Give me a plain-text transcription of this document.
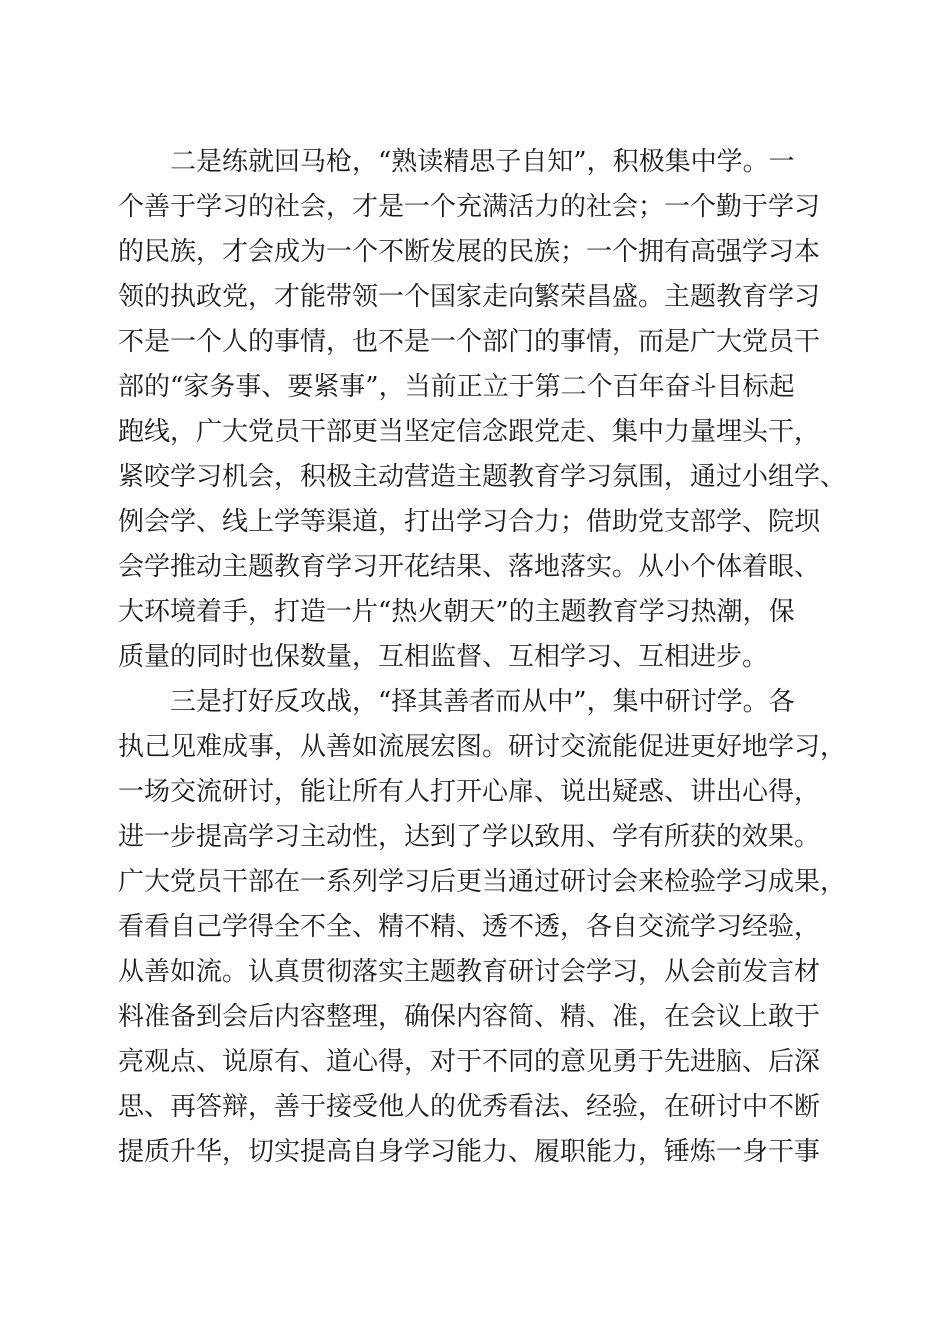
二是练就回马枪，“熟读精思子自知”，积极集中学。一
个善于学习的社会，才是一个充满活力的社会；一个勤于学习
的民族，才会成为一个不断发展的民族；一个拥有高强学习本
领的执政党，才能带领一个国家走向繁荣昌盛。主题教育学习
不是一个人的事情，也不是一个部门的事情，而是广大党员干
部的“家务事、要紧事”，当前正立于第二个百年奋斗目标起
跑线，广大党员干部更当坚定信念跟党走、集中力量埋头干，
紧咬学习机会，积极主动营造主题教育学习氛围，通过小组学、
例会学、线上学等渠道，打出学习合力；借助党支部学、院坝
会学推动主题教育学习开花结果、落地落实。从小个体着眼、
大环境着手，打造一片“热火朝天”的主题教育学习热潮，保
质量的同时也保数量，互相监督、互相学习、互相进步。
三是打好反攻战，“择其善者而从中”，集中研讨学。各
执己见难成事，从善如流展宏图。研讨交流能促进更好地学习，
一场交流研讨，能让所有人打开心扉、说出疑惑、讲出心得，
进一步提高学习主动性，达到了学以致用、学有所获的效果。
广大党员干部在一系列学习后更当通过研讨会来检验学习成果，
看看自己学得全不全、精不精、透不透，各自交流学习经验，
从善如流。认真贯彻落实主题教育研讨会学习，从会前发言材
料准备到会后内容整理，确保内容简、精、准，在会议上敢于
亮观点、说原有、道心得，对于不同的意见勇于先进脑、后深
思、再答辩，善于接受他人的优秀看法、经验，在研讨中不断
提质升华，切实提高自身学习能力、履职能力，锤炼一身干事
